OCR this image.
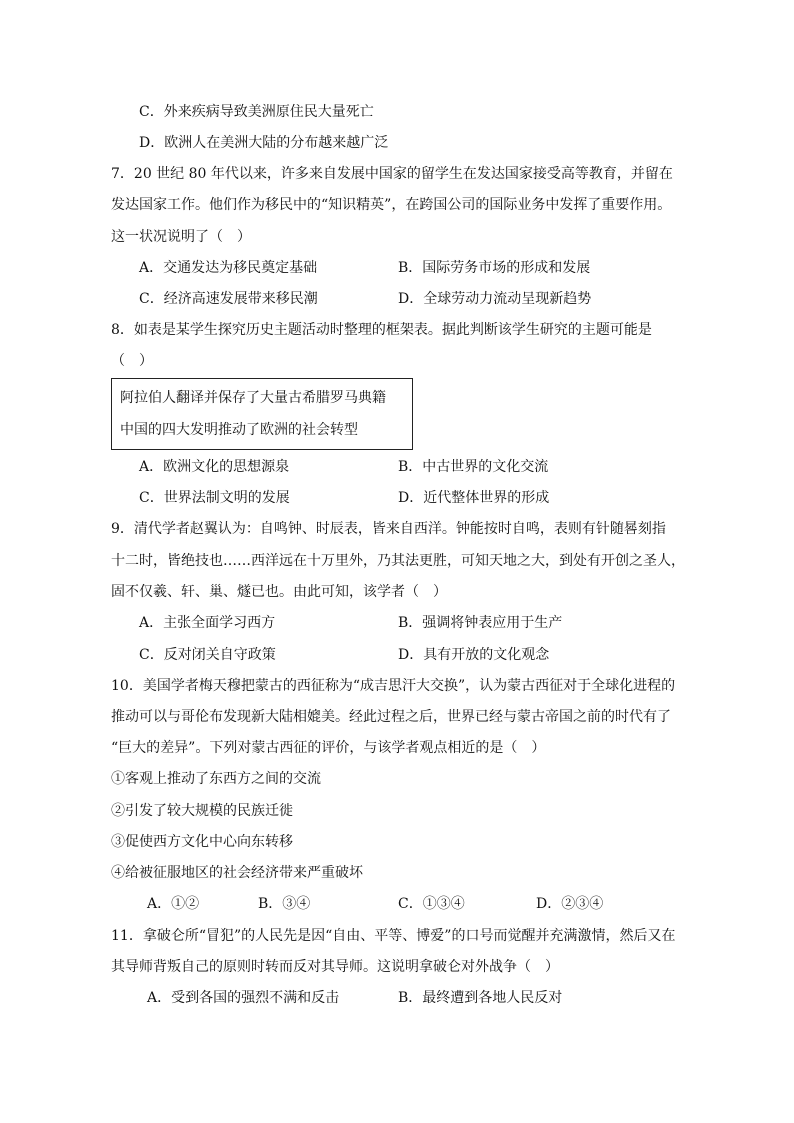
C．外来疾病导致美洲原住民大量死亡
D．欧洲人在美洲大陆的分布越来越广泛
7．20 世纪 80 年代以来，许多来自发展中国家的留学生在发达国家接受高等教育，并留在
发达国家工作。他们作为移民中的“知识精英”，在跨国公司的国际业务中发挥了重要作用。
这一状况说明了（　）
A．交通发达为移民奠定基础	B．国际劳务市场的形成和发展
C．经济高速发展带来移民潮	D．全球劳动力流动呈现新趋势
8．如表是某学生探究历史主题活动时整理的框架表。据此判断该学生研究的主题可能是
（　）
阿拉伯人翻译并保存了大量古希腊罗马典籍
中国的四大发明推动了欧洲的社会转型
A．欧洲文化的思想源泉	B．中古世界的文化交流
C．世界法制文明的发展	D．近代整体世界的形成
9．清代学者赵翼认为：自鸣钟、时辰表，皆来自西洋。钟能按时自鸣，表则有针随晷刻指
十二时，皆绝技也……西洋远在十万里外，乃其法更胜，可知天地之大，到处有开创之圣人，
固不仅羲、轩、巢、燧已也。由此可知，该学者（　）
A．主张全面学习西方	B．强调将钟表应用于生产
C．反对闭关自守政策	D．具有开放的文化观念
10．美国学者梅天穆把蒙古的西征称为“成吉思汗大交换”，认为蒙古西征对于全球化进程的
推动可以与哥伦布发现新大陆相媲美。经此过程之后，世界已经与蒙古帝国之前的时代有了
“巨大的差异”。下列对蒙古西征的评价，与该学者观点相近的是（　）
①客观上推动了东西方之间的交流
②引发了较大规模的民族迁徙
③促使西方文化中心向东转移
④给被征服地区的社会经济带来严重破坏
A．①②	B．③④	C．①③④	D．②③④
11．拿破仑所“冒犯”的人民先是因“自由、平等、博爱”的口号而觉醒并充满激情，然后又在
其导师背叛自己的原则时转而反对其导师。这说明拿破仑对外战争（　）
A．受到各国的强烈不满和反击	B．最终遭到各地人民反对
